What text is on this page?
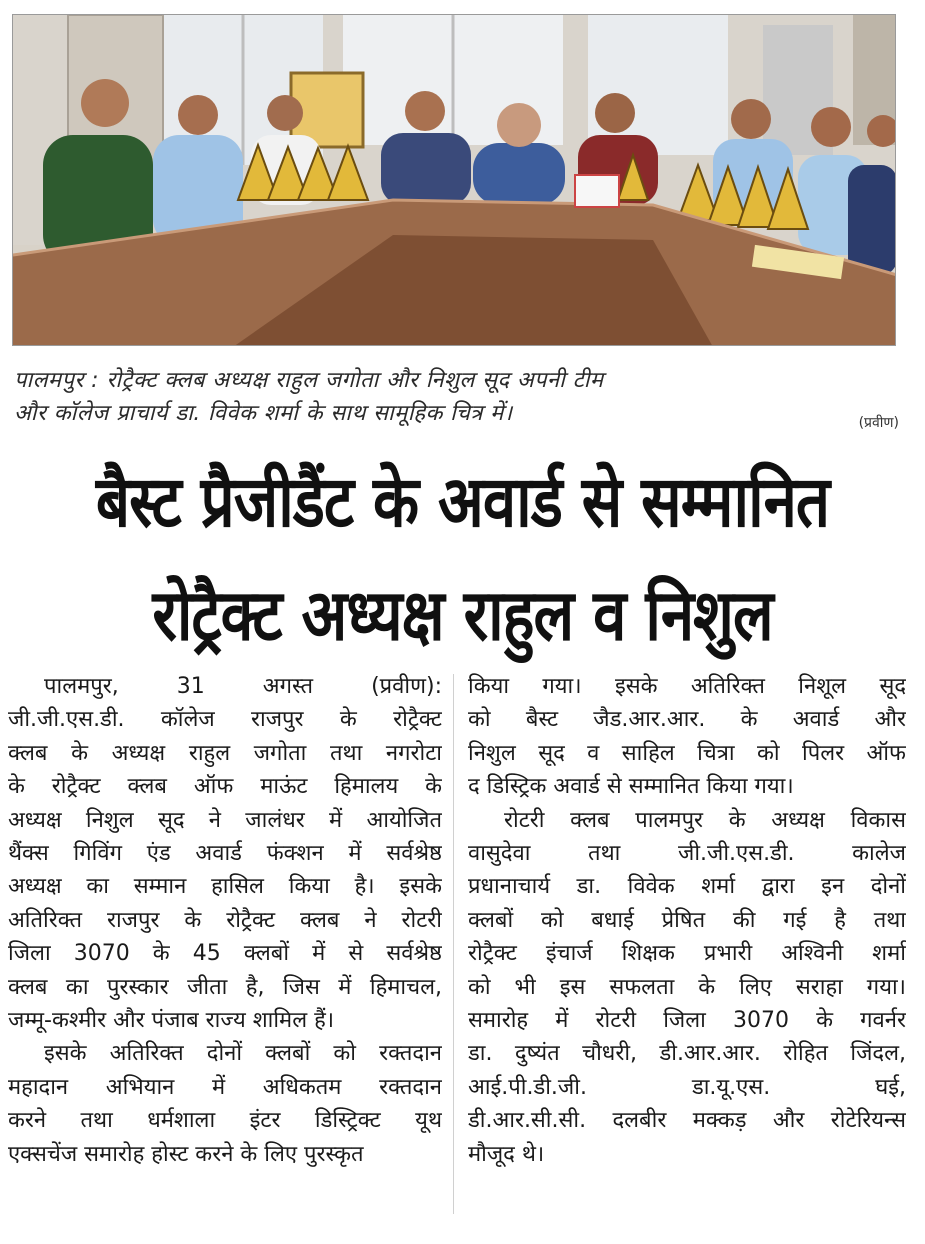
पालमपुर : रोट्रैक्ट क्लब अध्यक्ष राहुल जगोता और निशुल सूद अपनी टीम
और कॉलेज प्राचार्य डा. विवेक शर्मा के साथ सामूहिक चित्र में।	(प्रवीण)
बैस्ट प्रैजीडैंट के अवार्ड से सम्मानित
रोट्रैक्ट अध्यक्ष राहुल व निशुल
पालमपुर, 31 अगस्त (प्रवीण):
जी.जी.एस.डी. कॉलेज राजपुर के रोट्रैक्ट
क्लब के अध्यक्ष राहुल जगोता तथा नगरोटा
के रोट्रैक्ट क्लब ऑफ माऊंट हिमालय के
अध्यक्ष निशुल सूद ने जालंधर में आयोजित
थैंक्स गिविंग एंड अवार्ड फंक्शन में सर्वश्रेष्ठ
अध्यक्ष का सम्मान हासिल किया है। इसके
अतिरिक्त राजपुर के रोट्रैक्ट क्लब ने रोटरी
जिला 3070 के 45 क्लबों में से सर्वश्रेष्ठ
क्लब का पुरस्कार जीता है, जिस में हिमाचल,
जम्मू-कश्मीर और पंजाब राज्य शामिल हैं।
इसके अतिरिक्त दोनों क्लबों को रक्तदान
महादान अभियान में अधिकतम रक्तदान
करने तथा धर्मशाला इंटर डिस्ट्रिक्ट यूथ
एक्सचेंज समारोह होस्ट करने के लिए पुरस्कृत
किया गया। इसके अतिरिक्त निशूल सूद
को बैस्ट जैड.आर.आर. के अवार्ड और
निशुल सूद व साहिल चित्रा को पिलर ऑफ
द डिस्ट्रिक अवार्ड से सम्मानित किया गया।
रोटरी क्लब पालमपुर के अध्यक्ष विकास
वासुदेवा तथा जी.जी.एस.डी. कालेज
प्रधानाचार्य डा. विवेक शर्मा द्वारा इन दोनों
क्लबों को बधाई प्रेषित की गई है तथा
रोट्रैक्ट इंचार्ज शिक्षक प्रभारी अश्विनी शर्मा
को भी इस सफलता के लिए सराहा गया।
समारोह में रोटरी जिला 3070 के गवर्नर
डा. दुष्यंत चौधरी, डी.आर.आर. रोहित जिंदल,
आई.पी.डी.जी. डा.यू.एस. घई,
डी.आर.सी.सी. दलबीर मक्कड़ और रोटेरियन्स
मौजूद थे।
